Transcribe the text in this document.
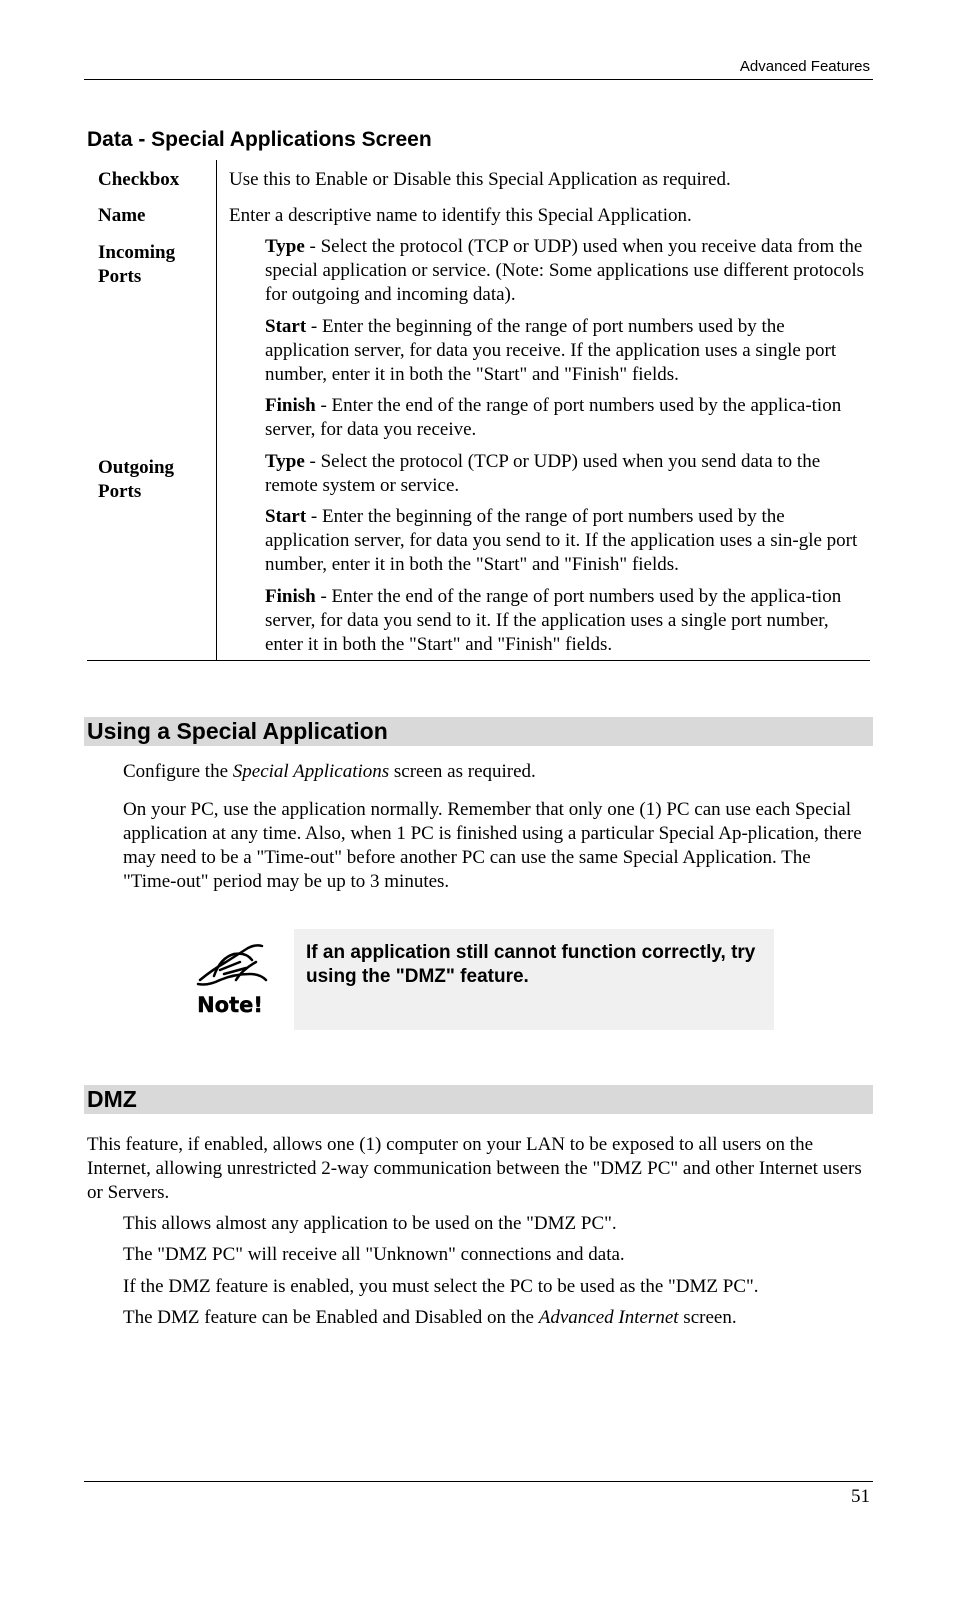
Advanced Features
Data - Special Applications Screen
Checkbox	Use this to Enable or Disable this Special Application as required.
Name	Enter a descriptive name to identify this Special Application.
Incoming
Ports
Type - Select the protocol (TCP or UDP) used when you receive data from the special application or service. (Note: Some applications use different protocols for outgoing and incoming data).
Start - Enter the beginning of the range of port numbers used by the application server, for data you receive. If the application uses a single port number, enter it in both the "Start" and "Finish" fields.
Finish - Enter the end of the range of port numbers used by the applica-tion server, for data you receive.
Outgoing
Ports
Type - Select the protocol (TCP or UDP) used when you send data to the remote system or service.
Start - Enter the beginning of the range of port numbers used by the application server, for data you send to it. If the application uses a sin-gle port number, enter it in both the "Start" and "Finish" fields.
Finish - Enter the end of the range of port numbers used by the applica-tion server, for data you send to it. If the application uses a single port number, enter it in both the "Start" and "Finish" fields.
Using a Special Application
Configure the Special Applications screen as required.
On your PC, use the application normally. Remember that only one (1) PC can use each Special application at any time. Also, when 1 PC is finished using a particular Special Ap-plication, there may need to be a "Time-out" before another PC can use the same Special Application. The "Time-out" period may be up to 3 minutes.
Note!
If an application still cannot function correctly, try using the "DMZ" feature.
DMZ
This feature, if enabled, allows one (1) computer on your LAN to be exposed to all users on the Internet, allowing unrestricted 2-way communication between the "DMZ PC" and other Internet users or Servers.
This allows almost any application to be used on the "DMZ PC".
The "DMZ PC" will receive all "Unknown" connections and data.
If the DMZ feature is enabled, you must select the PC to be used as the "DMZ PC".
The DMZ feature can be Enabled and Disabled on the Advanced Internet screen.
51
